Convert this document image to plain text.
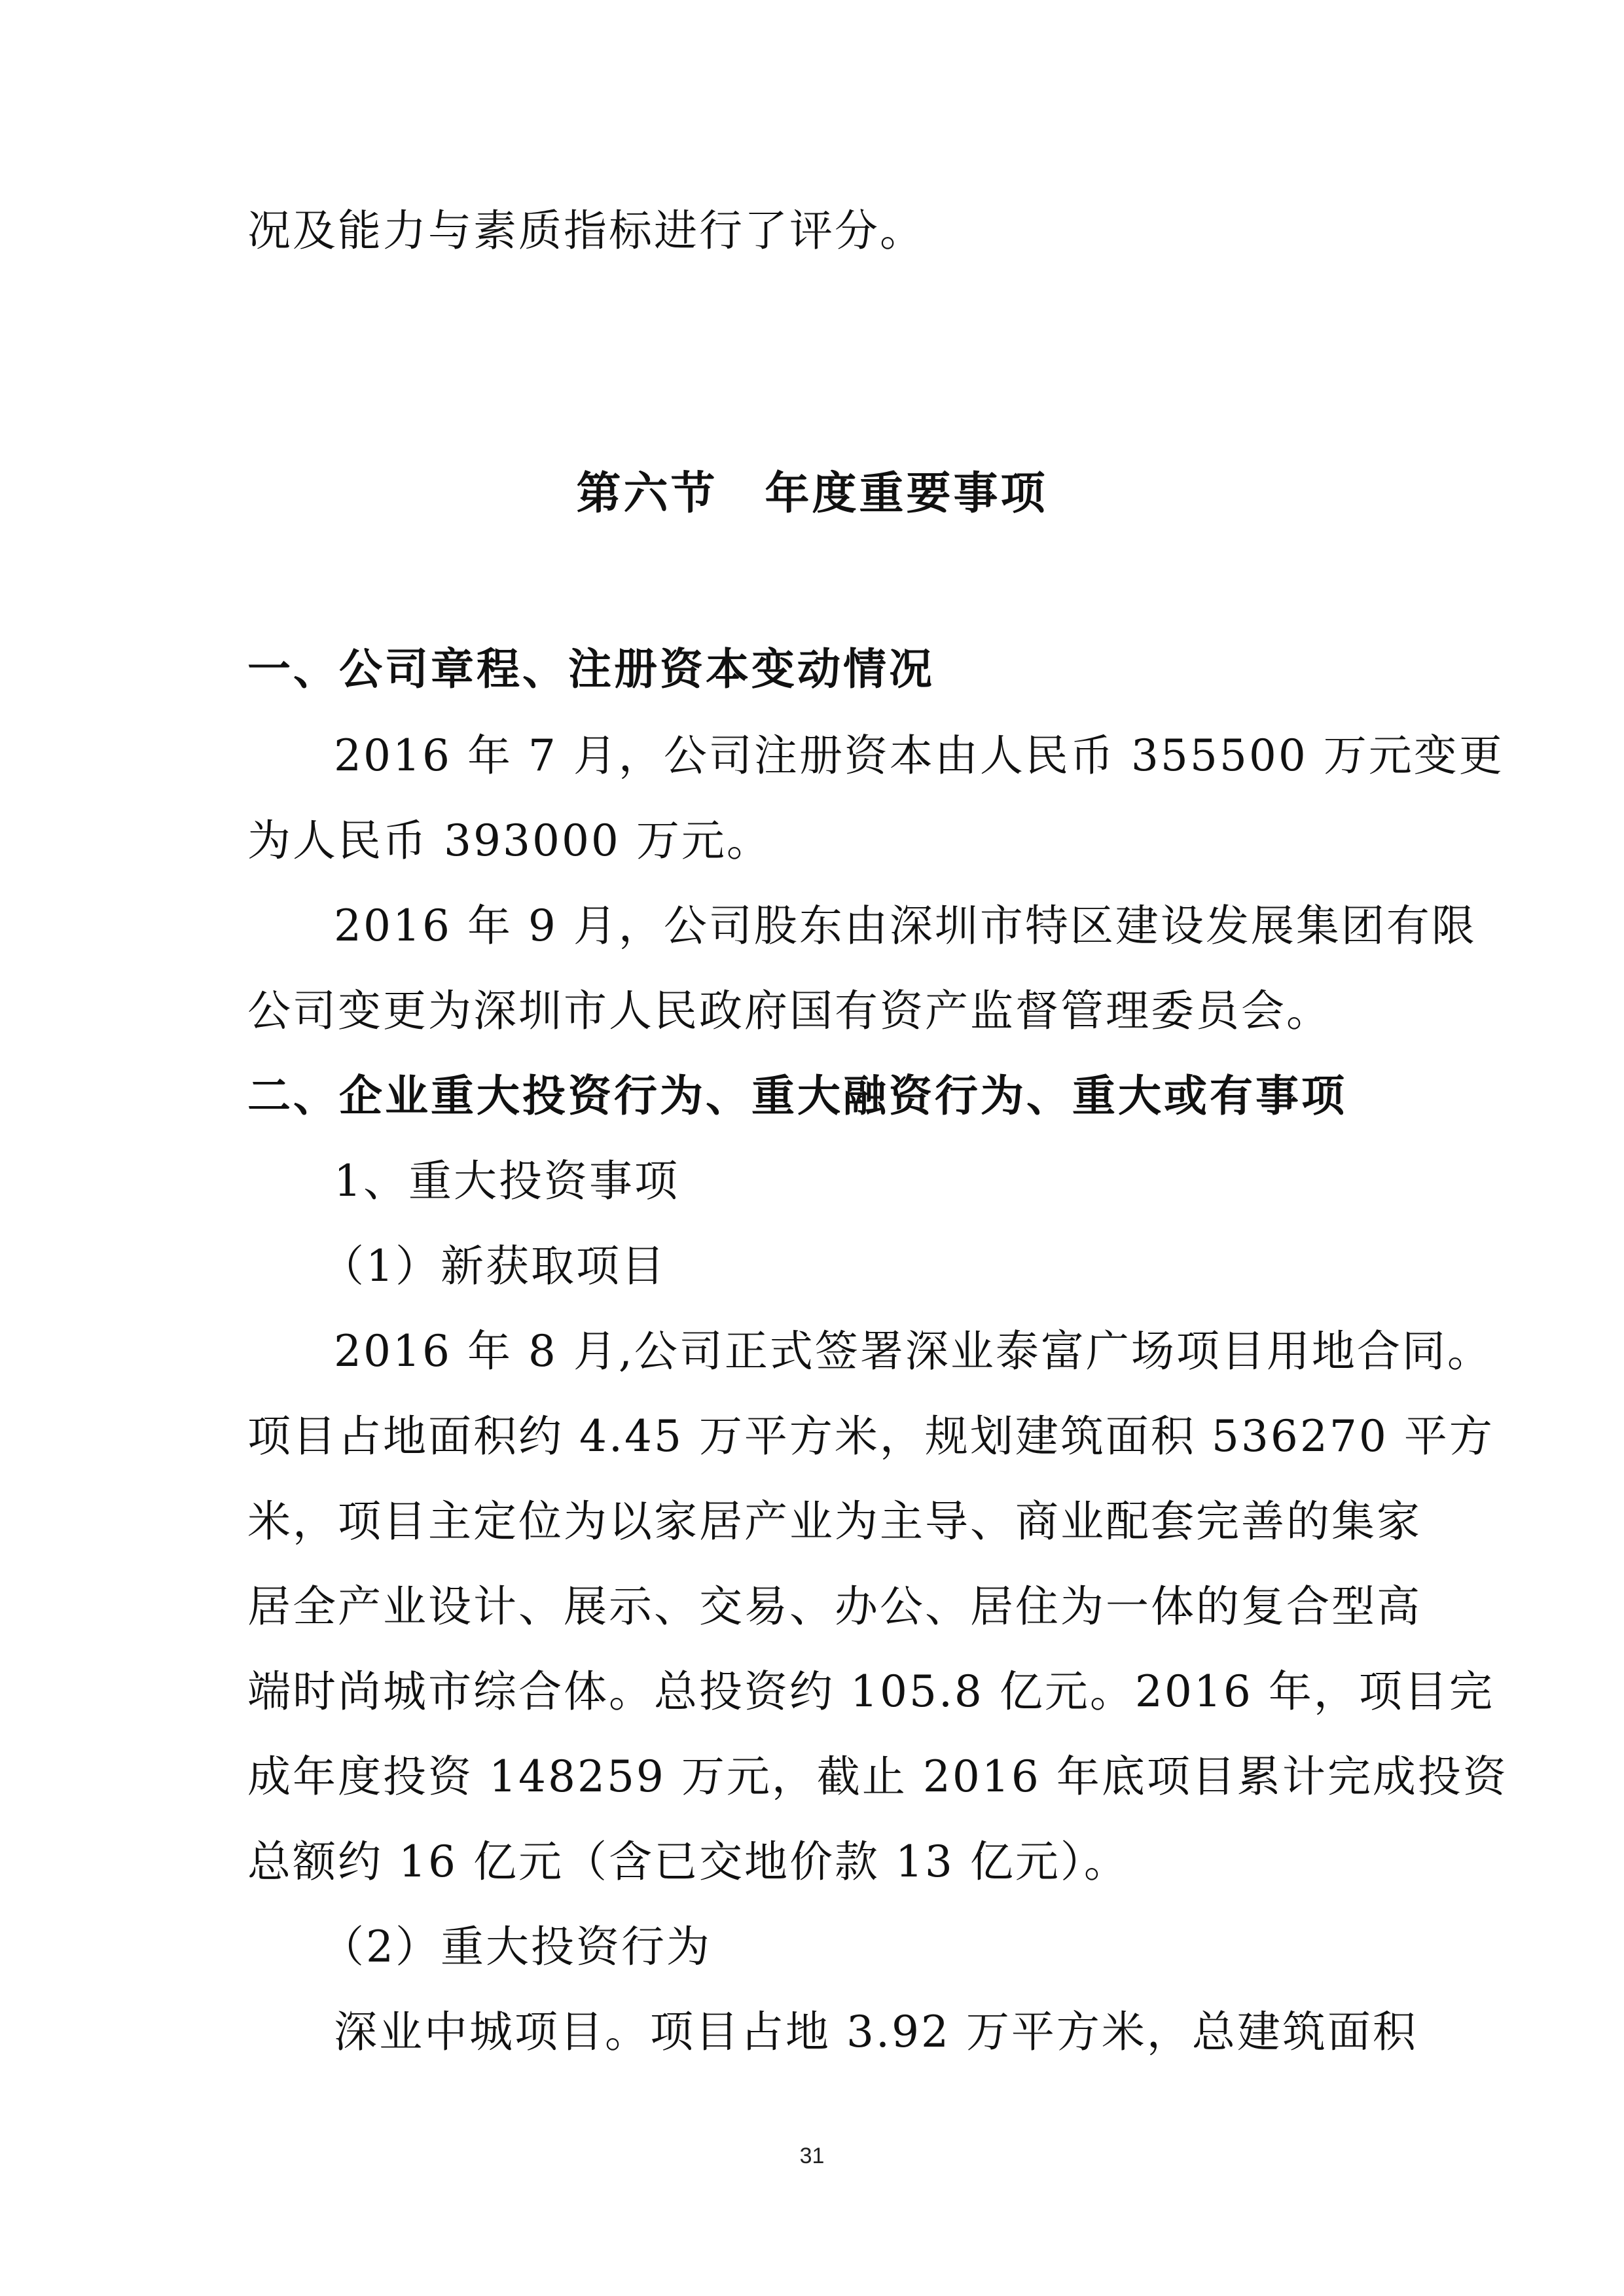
况及能力与素质指标进行了评分。
第六节　年度重要事项
一、公司章程、注册资本变动情况
2016 年 7 月，公司注册资本由人民币 355500 万元变更
为人民币 393000 万元。
2016 年 9 月，公司股东由深圳市特区建设发展集团有限
公司变更为深圳市人民政府国有资产监督管理委员会。
二、企业重大投资行为、重大融资行为、重大或有事项
1、重大投资事项
（1）新获取项目
2016 年 8 月,公司正式签署深业泰富广场项目用地合同。
项目占地面积约 4.45 万平方米，规划建筑面积 536270 平方
米，项目主定位为以家居产业为主导、商业配套完善的集家
居全产业设计、展示、交易、办公、居住为一体的复合型高
端时尚城市综合体。总投资约 105.8 亿元。2016 年，项目完
成年度投资 148259 万元，截止 2016 年底项目累计完成投资
总额约 16 亿元（含已交地价款 13 亿元）。
（2）重大投资行为
深业中城项目。项目占地 3.92 万平方米，总建筑面积
31
